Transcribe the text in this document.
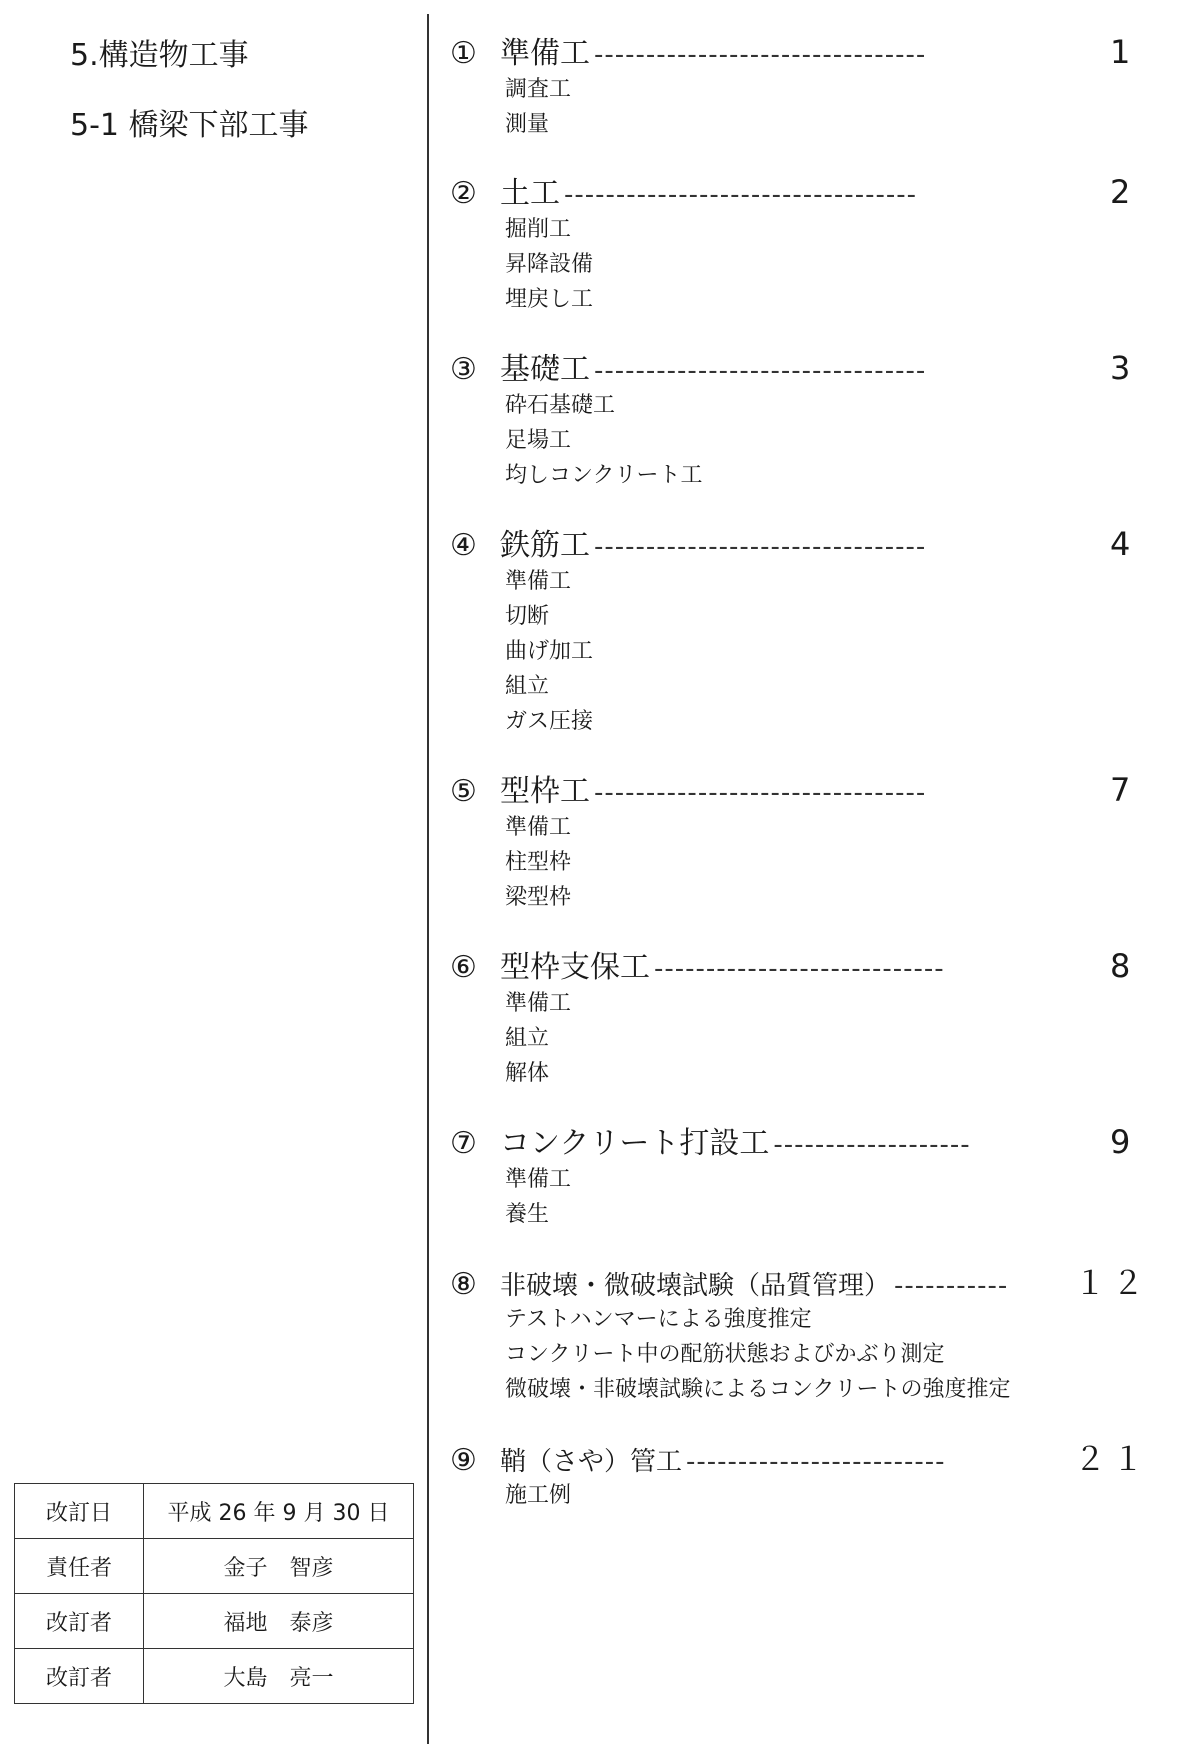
5.構造物工事
5-1 橋梁下部工事
① 準備工 --------------------------------	1
調査工
測量
② 土工 ----------------------------------	2
掘削工
昇降設備
埋戻し工
③ 基礎工 --------------------------------	3
砕石基礎工
足場工
均しコンクリート工
④ 鉄筋工 --------------------------------	4
準備工
切断
曲げ加工
組立
ガス圧接
⑤ 型枠工 --------------------------------	7
準備工
柱型枠
梁型枠
⑥ 型枠支保工 ----------------------------	8
準備工
組立
解体
⑦ コンクリート打設工 -------------------	9
準備工
養生
⑧ 非破壊・微破壊試験（品質管理） -----------	１２
テストハンマーによる強度推定
コンクリート中の配筋状態およびかぶり測定
微破壊・非破壊試験によるコンクリートの強度推定
⑨ 鞘（さや）管工 -------------------------	２１
施工例
改訂日	平成 26 年 9 月 30 日
責任者	金子　智彦
改訂者	福地　泰彦
改訂者	大島　亮一
